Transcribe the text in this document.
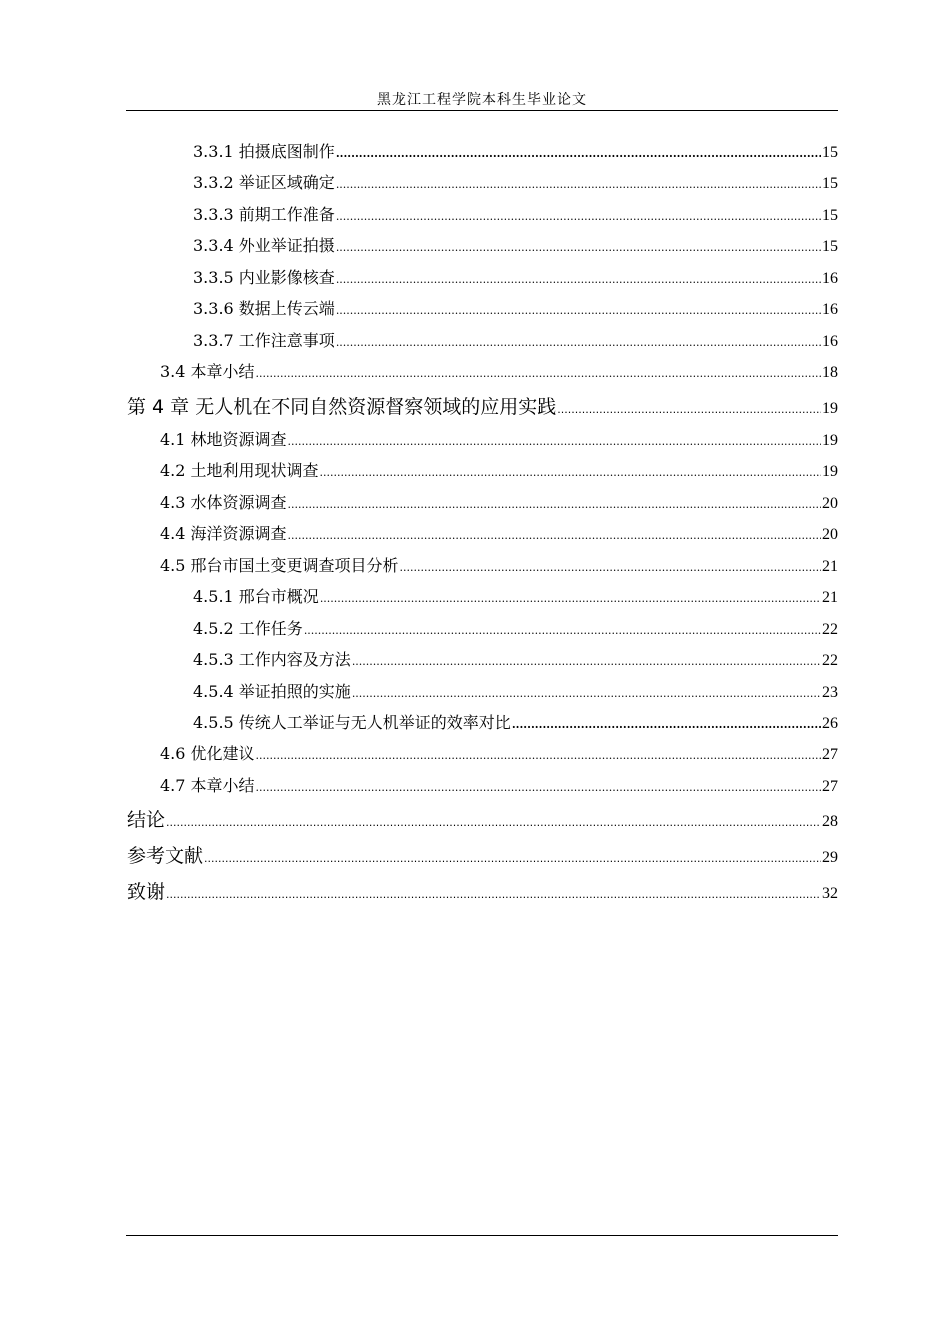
黑龙江工程学院本科生毕业论文
3.3.1 拍摄底图制作 .....	15
3.3.2 举证区域确定 .....	15
3.3.3 前期工作准备 .....	15
3.3.4 外业举证拍摄 .....	15
3.3.5 内业影像核查 .....	16
3.3.6 数据上传云端 .....	16
3.3.7 工作注意事项 .....	16
3.4 本章小结 .....	18
第 4 章 无人机在不同自然资源督察领域的应用实践 .....	19
4.1 林地资源调查 .....	19
4.2 土地利用现状调查 .....	19
4.3 水体资源调查 .....	20
4.4 海洋资源调查 .....	20
4.5 邢台市国土变更调查项目分析 .....	21
4.5.1 邢台市概况 .....	21
4.5.2 工作任务 .....	22
4.5.3 工作内容及方法 .....	22
4.5.4 举证拍照的实施 .....	23
4.5.5 传统人工举证与无人机举证的效率对比 .....	26
4.6 优化建议 .....	27
4.7 本章小结 .....	27
结论 .....	28
参考文献 .....	29
致谢 .....	32
